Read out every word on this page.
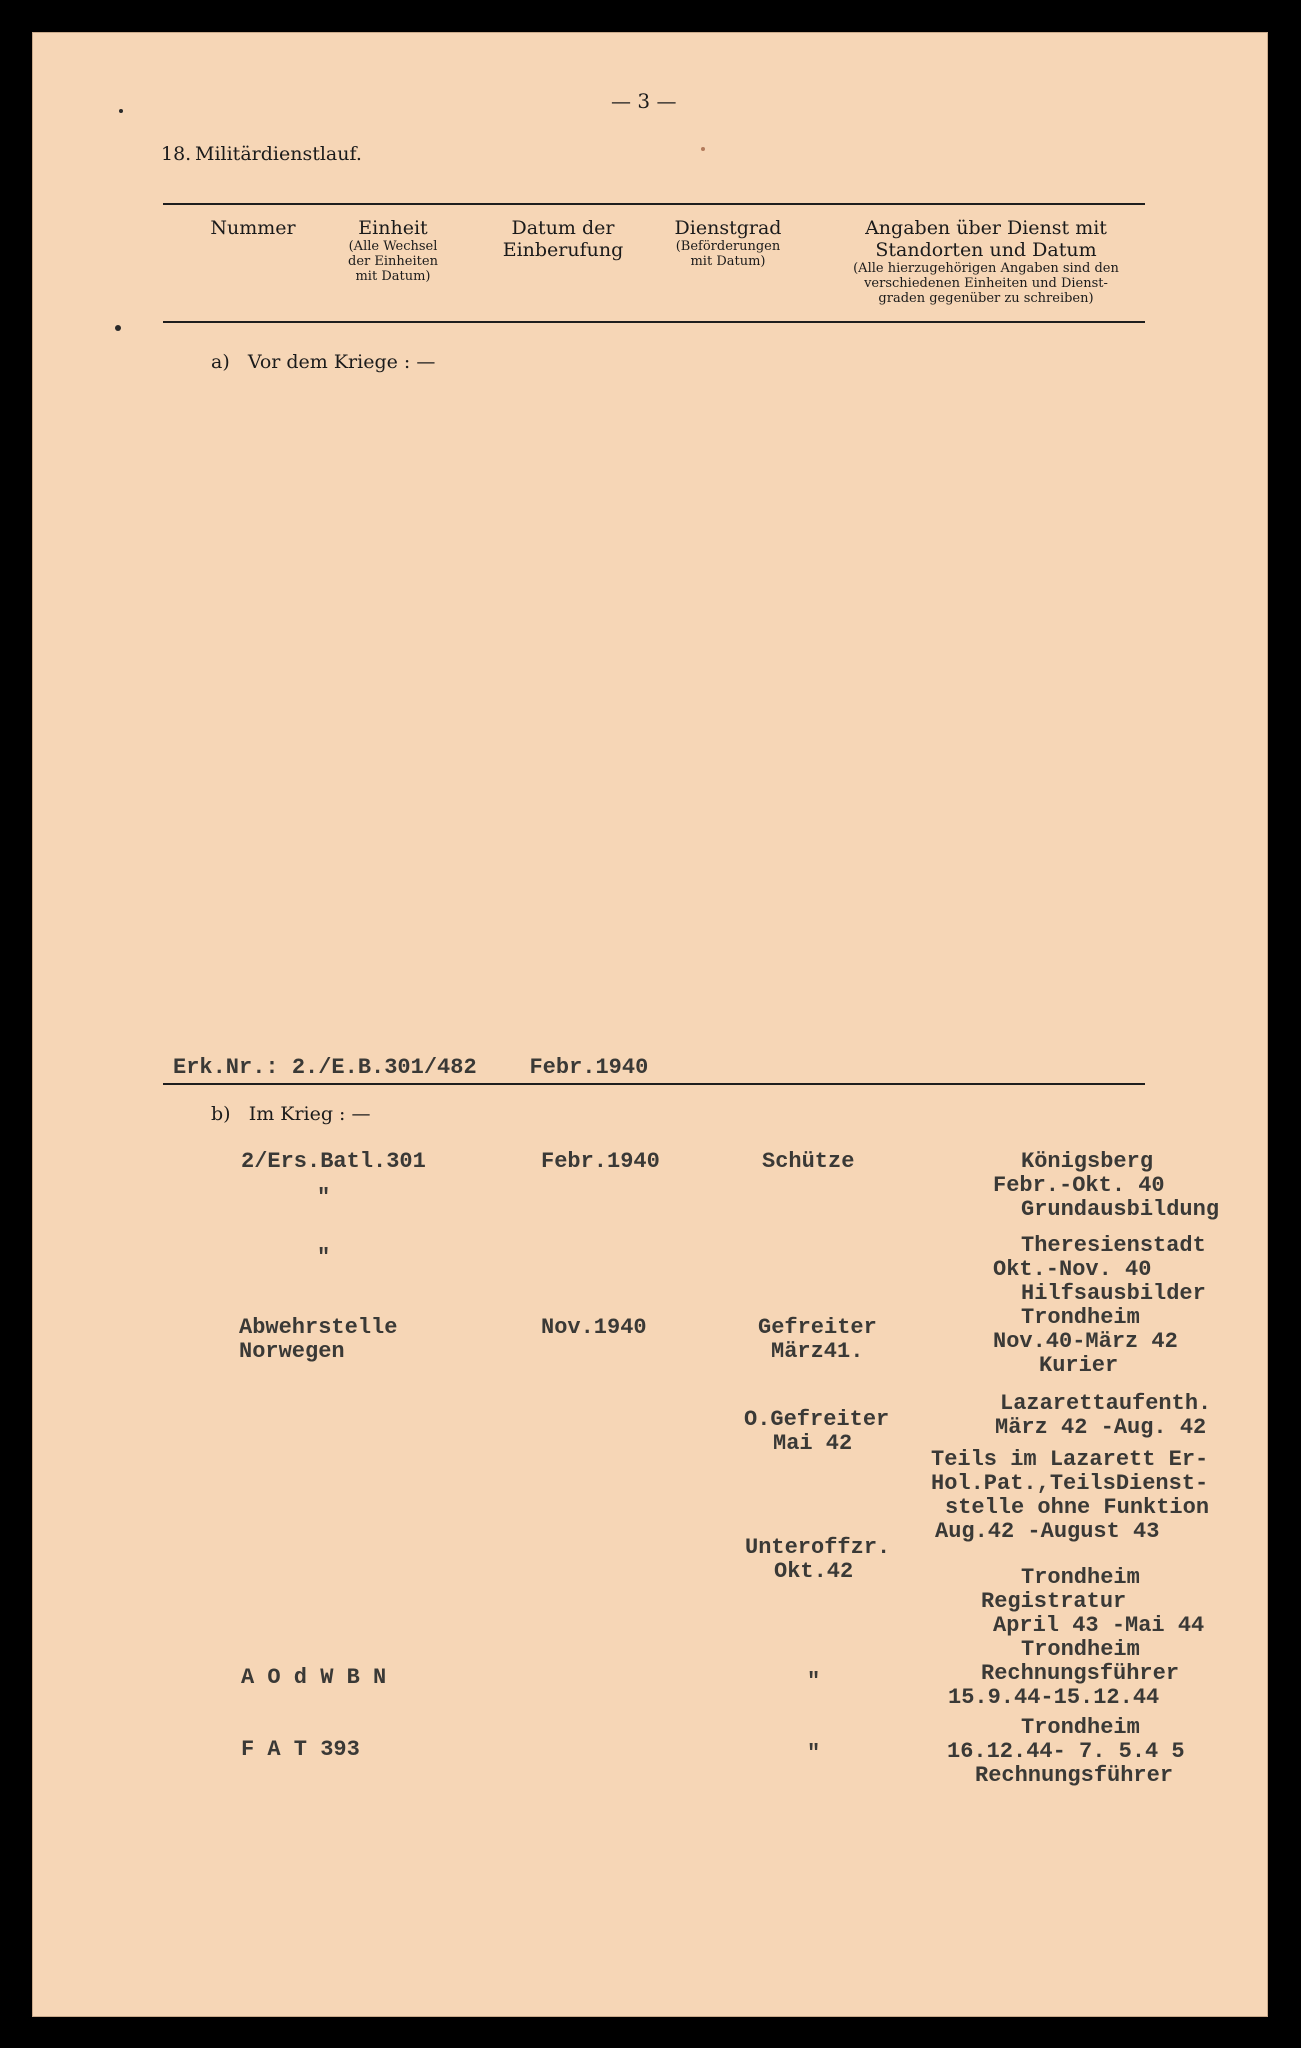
— 3 —
18. Militärdienstlauf.
Nummer	Einheit
(Alle Wechsel
der Einheiten
mit Datum)
Datum der
Einberufung
Dienstgrad
(Beförderungen
mit Datum)
Angaben über Dienst mit
Standorten und Datum
(Alle hierzugehörigen Angaben sind den
verschiedenen Einheiten und Dienst-
graden gegenüber zu schreiben)
a)   Vor dem Kriege : —
Erk.Nr.: 2./E.B.301/482    Febr.1940
b)   Im Krieg : —
2/Ers.Batl.301
"
"
Abwehrstelle
Norwegen
A O d W B N
F A T 393
Febr.1940
Nov.1940
Schütze
Gefreiter
März41.
O.Gefreiter
Mai 42
Unteroffzr.
Okt.42
"
"
Königsberg
Febr.-Okt. 40
Grundausbildung
Theresienstadt
Okt.-Nov. 40
Hilfsausbilder
Trondheim
Nov.40-März 42
Kurier
Lazarettaufenth.
März 42 -Aug. 42
Teils im Lazarett Er-
Hol.Pat.,TeilsDienst-
stelle ohne Funktion
Aug.42 -August 43
Trondheim
Registratur
April 43 -Mai 44
Trondheim
Rechnungsführer
15.9.44-15.12.44
Trondheim
16.12.44- 7. 5.4 5
Rechnungsführer
